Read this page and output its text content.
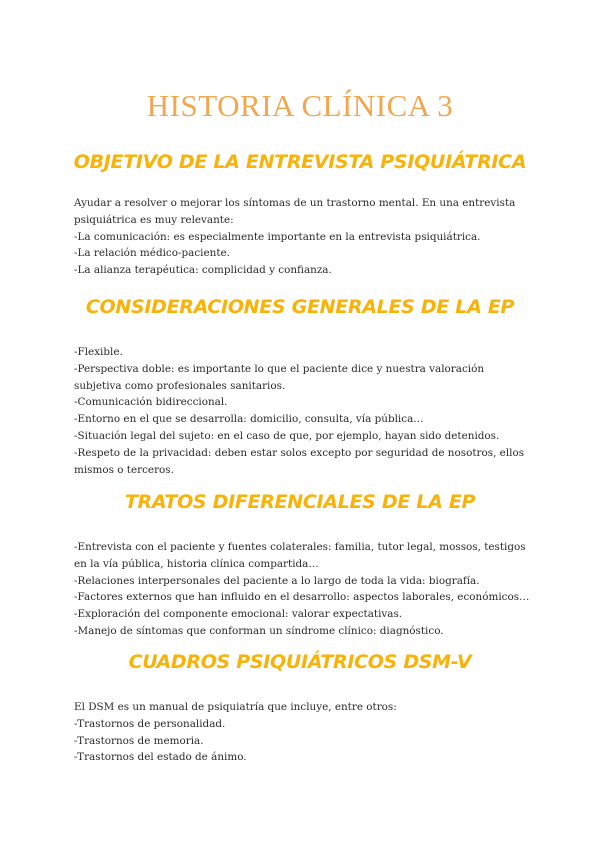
HISTORIA CLÍNICA 3
OBJETIVO DE LA ENTREVISTA PSIQUIÁTRICA

Ayudar a resolver o mejorar los síntomas de un trastorno mental. En una entrevista psiquiátrica es muy relevante:

-La comunicación: es especialmente importante en la entrevista psiquiátrica.

-La relación médico-paciente.

-La alianza terapéutica: complicidad y confianza.

CONSIDERACIONES GENERALES DE LA EP

-Flexible.

-Perspectiva doble: es importante lo que el paciente dice y nuestra valoración subjetiva como profesionales sanitarios.

-Comunicación bidireccional.

-Entorno en el que se desarrolla: domicilio, consulta, vía pública…

-Situación legal del sujeto: en el caso de que, por ejemplo, hayan sido detenidos.

-Respeto de la privacidad: deben estar solos excepto por seguridad de nosotros, ellos mismos o terceros.

TRATOS DIFERENCIALES DE LA EP

-Entrevista con el paciente y fuentes colaterales: familia, tutor legal, mossos, testigos en la vía pública, historia clínica compartida…

-Relaciones interpersonales del paciente a lo largo de toda la vida: biografía.

-Factores externos que han influido en el desarrollo: aspectos laborales, económicos…

-Exploración del componente emocional: valorar expectativas.

-Manejo de síntomas que conforman un síndrome clínico: diagnóstico.

CUADROS PSIQUIÁTRICOS DSM-V

El DSM es un manual de psiquiatría que incluye, entre otros:

-Trastornos de personalidad.

-Trastornos de memoria.

-Trastornos del estado de ánimo.
